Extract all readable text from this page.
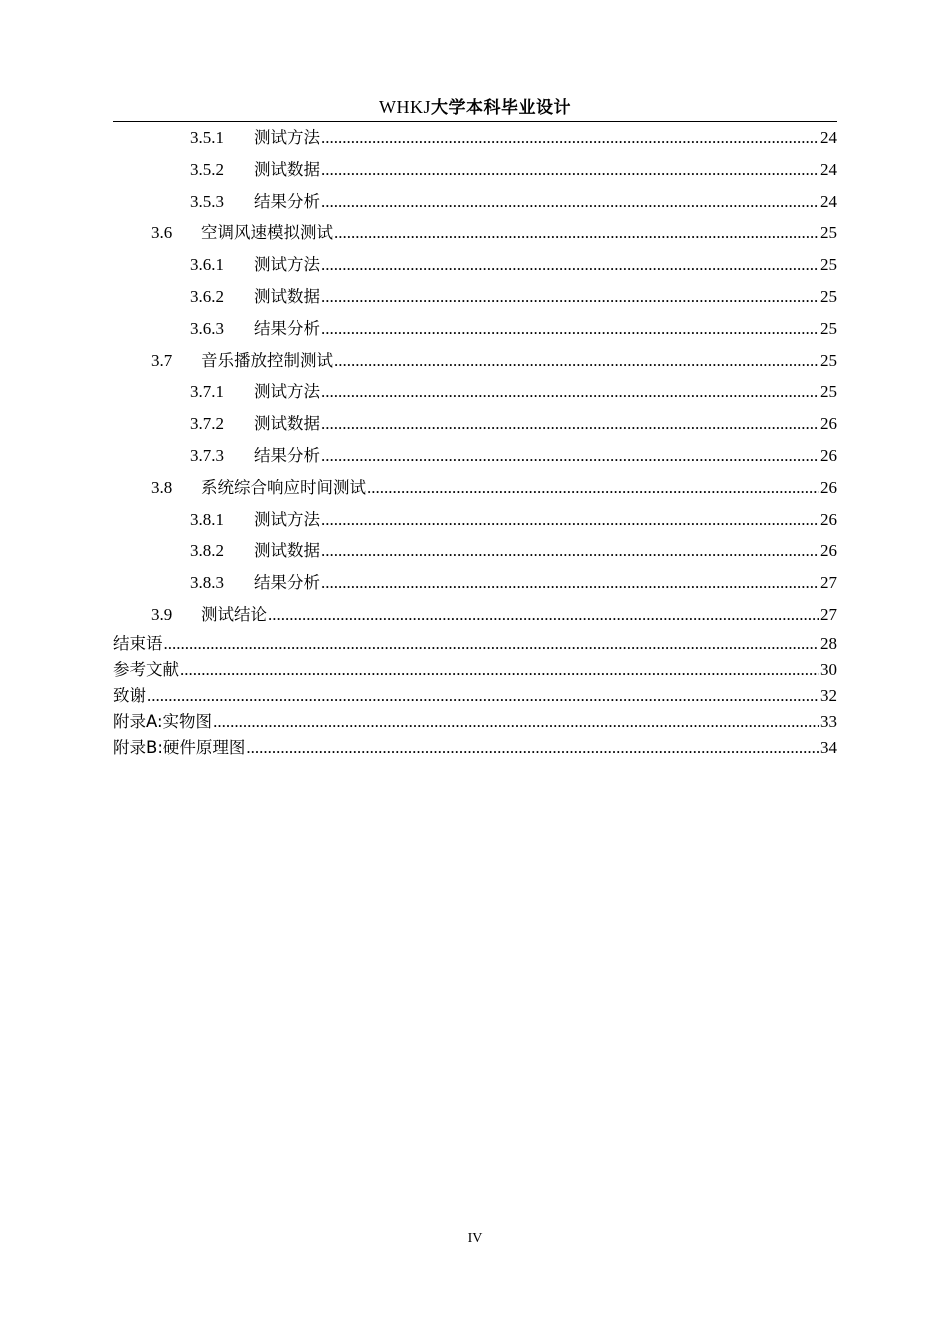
WHKJ大学本科毕业设计
3.5.1	测试方法 .....	24
3.5.2	测试数据 .....	24
3.5.3	结果分析 .....	24
3.6	空调风速模拟测试 .....	25
3.6.1	测试方法 .....	25
3.6.2	测试数据 .....	25
3.6.3	结果分析 .....	25
3.7	音乐播放控制测试 .....	25
3.7.1	测试方法 .....	25
3.7.2	测试数据 .....	26
3.7.3	结果分析 .....	26
3.8	系统综合响应时间测试 .....	26
3.8.1	测试方法 .....	26
3.8.2	测试数据 .....	26
3.8.3	结果分析 .....	27
3.9	测试结论 .....	27
结束语 .....	28
参考文献 .....	30
致谢 .....	32
附录A:实物图 .....	33
附录B:硬件原理图 .....	34
IV
